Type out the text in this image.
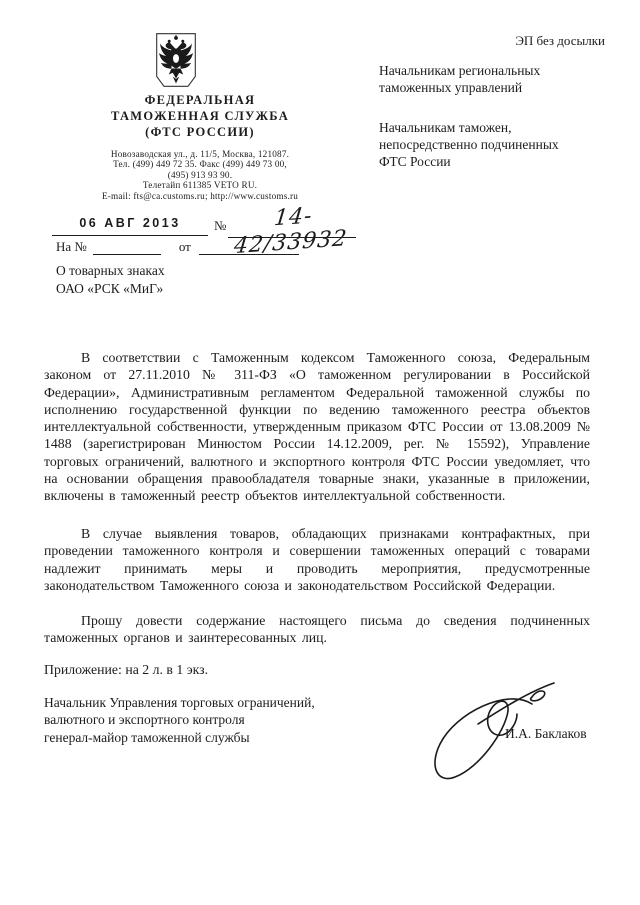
ЭП без досылки
ФЕДЕРАЛЬНАЯ
ТАМОЖЕННАЯ СЛУЖБА
(ФТС РОССИИ)
Новозаводская ул., д. 11/5, Москва, 121087.
Тел. (499) 449 72 35. Факс (499) 449 73 00,
(495) 913 93 90.
Телетайп 611385 VETO RU.
E-mail: fts@ca.customs.ru; http://www.customs.ru
Начальникам региональных
таможенных управлений
Начальникам таможен,
непосредственно подчиненных
ФТС России
06 АВГ 2013	№	14-42/33932
На №	от
О товарных знаках
ОАО «РСК «МиГ»

В соответствии с Таможенным кодексом Таможенного союза, Федеральным законом от 27.11.2010 № 311-ФЗ «О таможенном регулировании в Российской Федерации», Административным регламентом Федеральной таможенной службы по исполнению государственной функции по ведению таможенного реестра объектов интеллектуальной собственности, утвержденным приказом ФТС России от 13.08.2009 № 1488 (зарегистрирован Минюстом России 14.12.2009, рег. № 15592), Управление торговых ограничений, валютного и экспортного контроля ФТС России уведомляет, что на основании обращения правообладателя товарные знаки, указанные в приложении, включены в таможенный реестр объектов интеллектуальной собственности.

В случае выявления товаров, обладающих признаками контрафактных, при проведении таможенного контроля и совершении таможенных операций с товарами надлежит принимать меры и проводить мероприятия, предусмотренные законодательством Таможенного союза и законодательством Российской Федерации.

Прошу довести содержание настоящего письма до сведения подчиненных таможенных органов и заинтересованных лиц.

Приложение: на 2 л. в 1 экз.
Начальник Управления торговых ограничений,
валютного и экспортного контроля
генерал-майор таможенной службы	И.А. Баклаков
